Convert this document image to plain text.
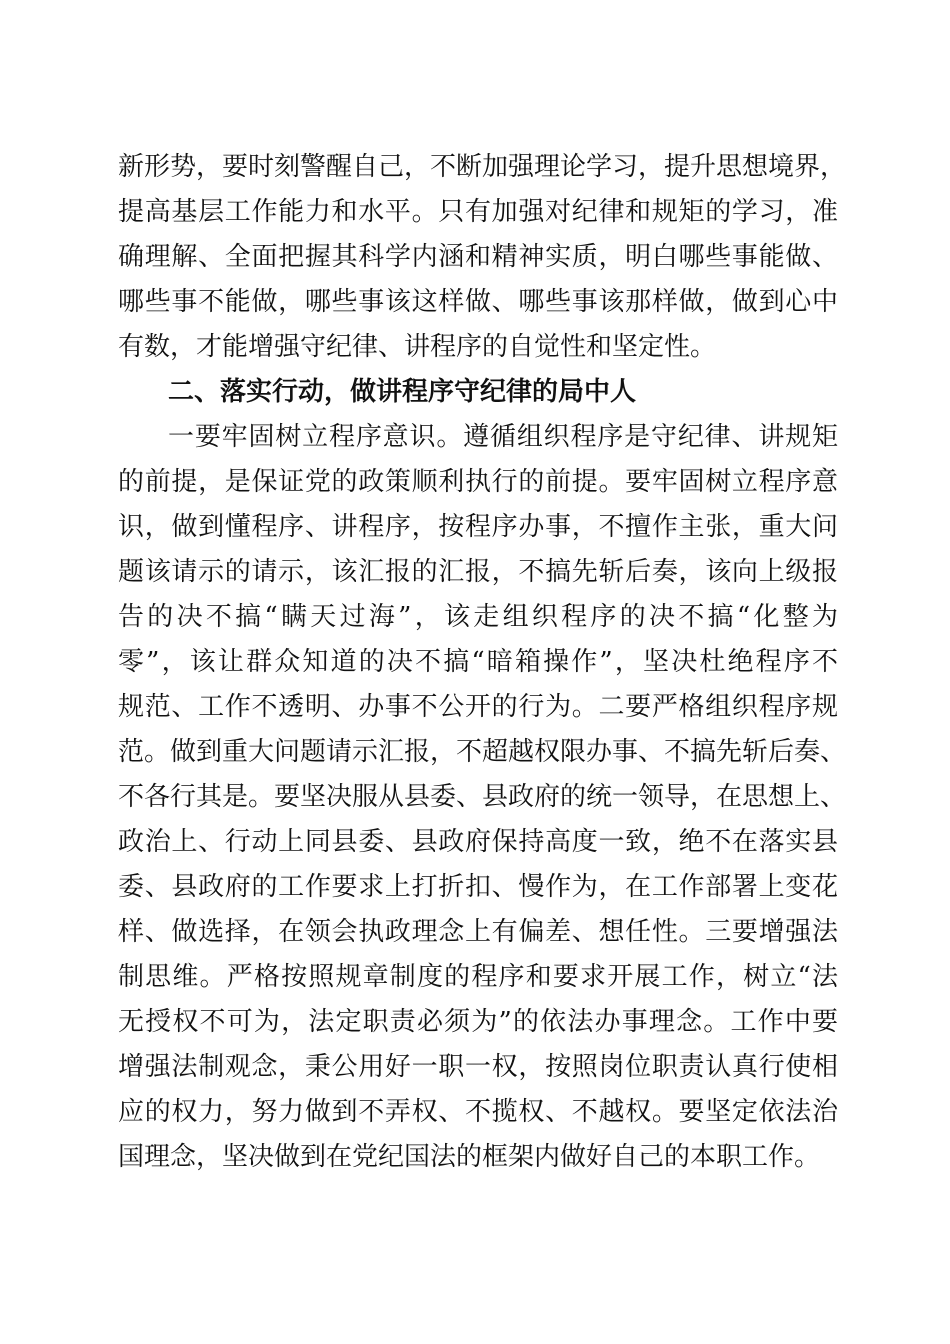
新形势，要时刻警醒自己，不断加强理论学习，提升思想境界，
提高基层工作能力和水平。只有加强对纪律和规矩的学习，准
确理解、全面把握其科学内涵和精神实质，明白哪些事能做、
哪些事不能做，哪些事该这样做、哪些事该那样做，做到心中
有数，才能增强守纪律、讲程序的自觉性和坚定性。
二、落实行动，做讲程序守纪律的局中人
一要牢固树立程序意识。遵循组织程序是守纪律、讲规矩
的前提，是保证党的政策顺利执行的前提。要牢固树立程序意
识，做到懂程序、讲程序，按程序办事，不擅作主张，重大问
题该请示的请示，该汇报的汇报，不搞先斩后奏，该向上级报
告的决不搞“瞒天过海”，该走组织程序的决不搞“化整为
零”，该让群众知道的决不搞“暗箱操作”，坚决杜绝程序不
规范、工作不透明、办事不公开的行为。二要严格组织程序规
范。做到重大问题请示汇报，不超越权限办事、不搞先斩后奏、
不各行其是。要坚决服从县委、县政府的统一领导，在思想上、
政治上、行动上同县委、县政府保持高度一致，绝不在落实县
委、县政府的工作要求上打折扣、慢作为，在工作部署上变花
样、做选择，在领会执政理念上有偏差、想任性。三要增强法
制思维。严格按照规章制度的程序和要求开展工作，树立“法
无授权不可为，法定职责必须为”的依法办事理念。工作中要
增强法制观念，秉公用好一职一权，按照岗位职责认真行使相
应的权力，努力做到不弄权、不揽权、不越权。要坚定依法治
国理念，坚决做到在党纪国法的框架内做好自己的本职工作。
